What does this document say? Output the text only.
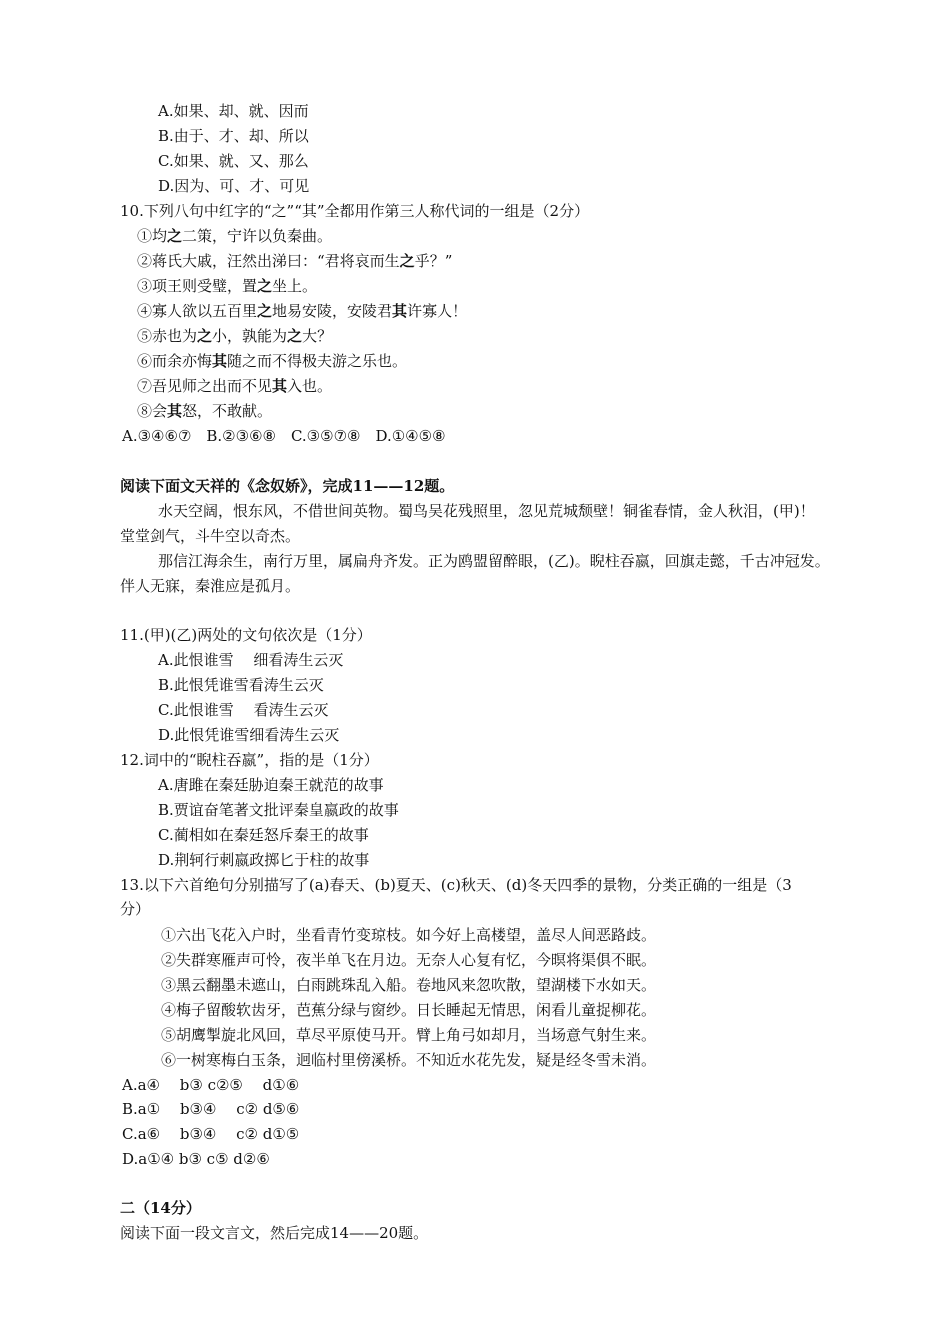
A.如果、却、就、因而
B.由于、才、却、所以
C.如果、就、又、那么
D.因为、可、才、可见
10.下列八句中红字的“之”“其”全都用作第三人称代词的一组是（2分）
①均之二策，宁许以负秦曲。
②蒋氏大戚，汪然出涕曰：“君将哀而生之乎？”
③项王则受璧，置之坐上。
④寡人欲以五百里之地易安陵，安陵君其许寡人！
⑤赤也为之小，孰能为之大？
⑥而余亦悔其随之而不得极夫游之乐也。
⑦吾见师之出而不见其入也。
⑧会其怒，不敢献。
A.③④⑥⑦　B.②③⑥⑧　C.③⑤⑦⑧　D.①④⑤⑧
阅读下面文天祥的《念奴娇》，完成11——12题。
水天空阔，恨东风，不借世间英物。蜀鸟吴花残照里，忽见荒城颓壁！铜雀春情，金人秋泪，(甲)！
堂堂剑气，斗牛空以奇杰。
那信江海余生，南行万里，属扁舟齐发。正为鸥盟留醉眼，(乙)。睨柱吞嬴，回旗走懿，千古冲冠发。
伴人无寐，秦淮应是孤月。
11.(甲)(乙)两处的文句依次是（1分）
A.此恨谁雪　 细看涛生云灭
B.此恨凭谁雪看涛生云灭
C.此恨谁雪　 看涛生云灭
D.此恨凭谁雪细看涛生云灭
12.词中的“睨柱吞嬴”，指的是（1分）
A.唐雎在秦廷胁迫秦王就范的故事
B.贾谊奋笔著文批评秦皇嬴政的故事
C.蔺相如在秦廷怒斥秦王的故事
D.荆轲行刺嬴政掷匕于柱的故事
13.以下六首绝句分别描写了(a)春天、(b)夏天、(c)秋天、(d)冬天四季的景物，分类正确的一组是（3
分）
①六出飞花入户时，坐看青竹变琼枝。如今好上高楼望，盖尽人间恶路歧。
②失群寒雁声可怜，夜半单飞在月边。无奈人心复有忆，今暝将渠俱不眠。
③黑云翻墨未遮山，白雨跳珠乱入船。卷地风来忽吹散，望湖楼下水如天。
④梅子留酸软齿牙，芭蕉分绿与窗纱。日长睡起无情思，闲看儿童捉柳花。
⑤胡鹰掣旋北风回，草尽平原使马开。臂上角弓如却月，当场意气射生来。
⑥一树寒梅白玉条，迥临村里傍溪桥。不知近水花先发，疑是经冬雪未消。
A.a④　 b③ c②⑤　 d①⑥
B.a①　 b③④　 c② d⑤⑥
C.a⑥　 b③④　 c② d①⑤
D.a①④ b③ c⑤ d②⑥
二（14分）
阅读下面一段文言文，然后完成14——20题。
